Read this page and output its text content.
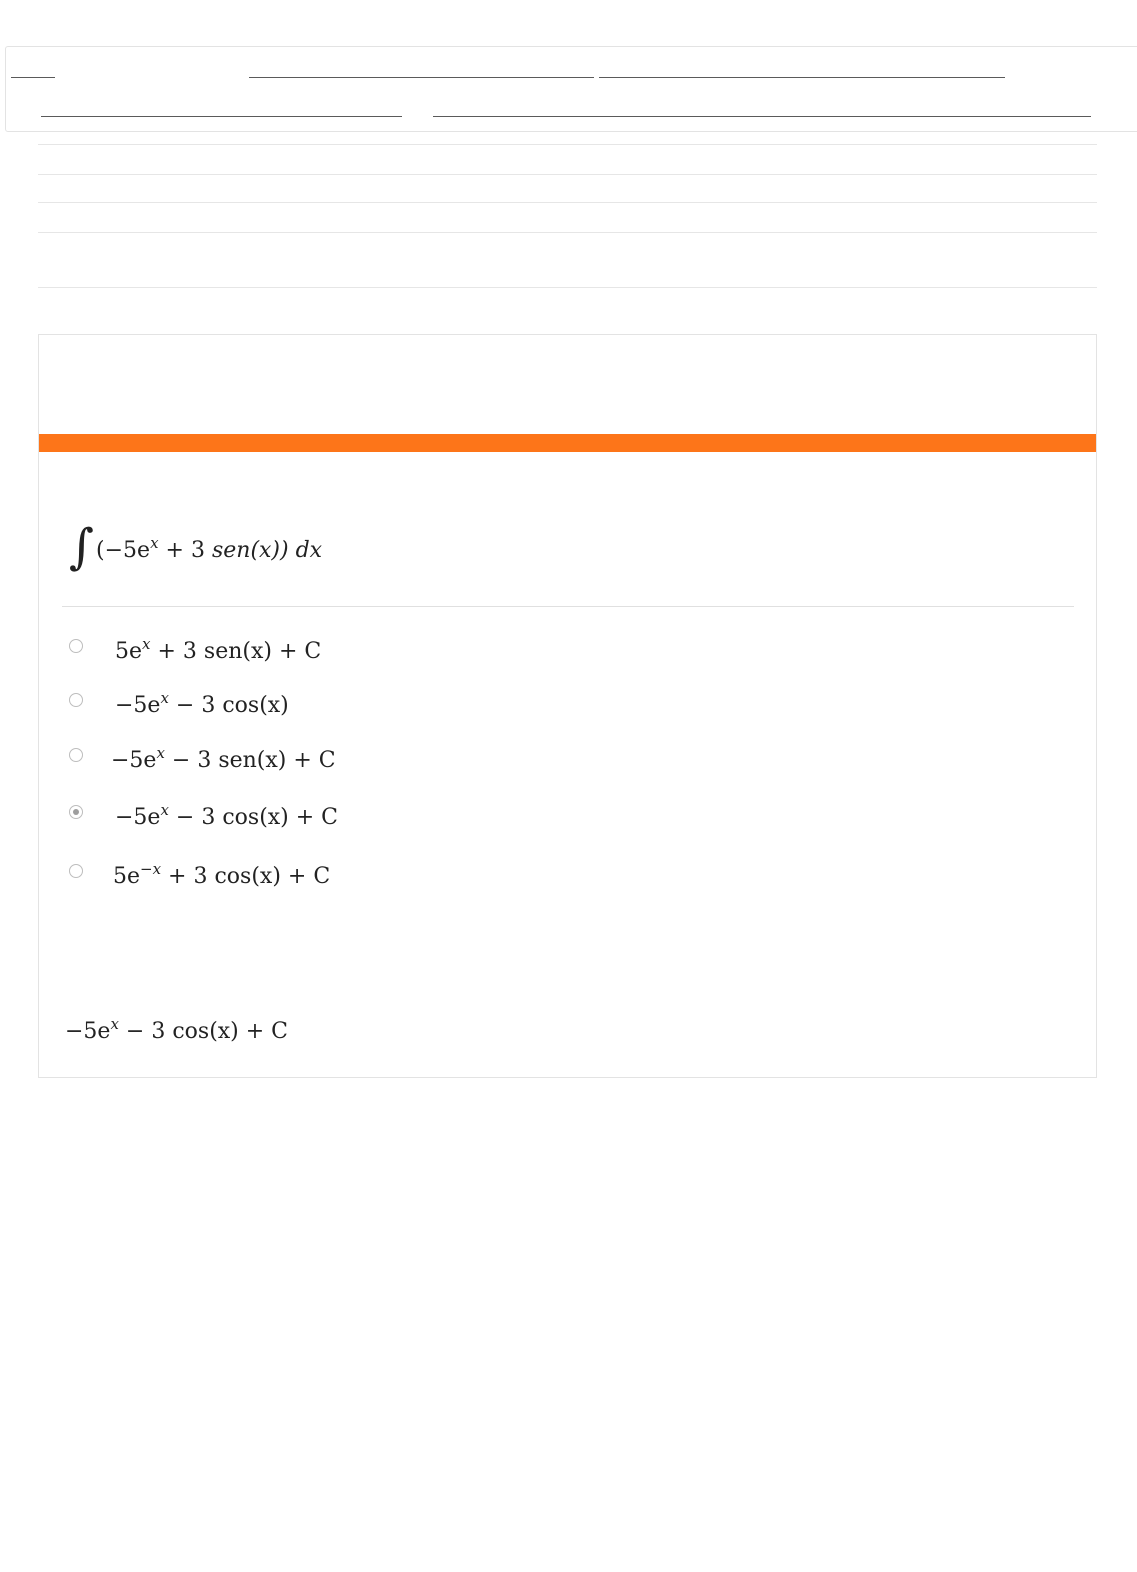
∫ ($-5e^x + 3$ sen(x)) dx
$5e^x + 3$ sen(x) + C
$-5e^x - 3$ cos(x)
$-5e^x - 3$ sen(x) + C
$-5e^x - 3$ cos(x) + C
$5e^{-x} + 3$ cos(x) + C
$-5e^x - 3$ cos(x) + C
